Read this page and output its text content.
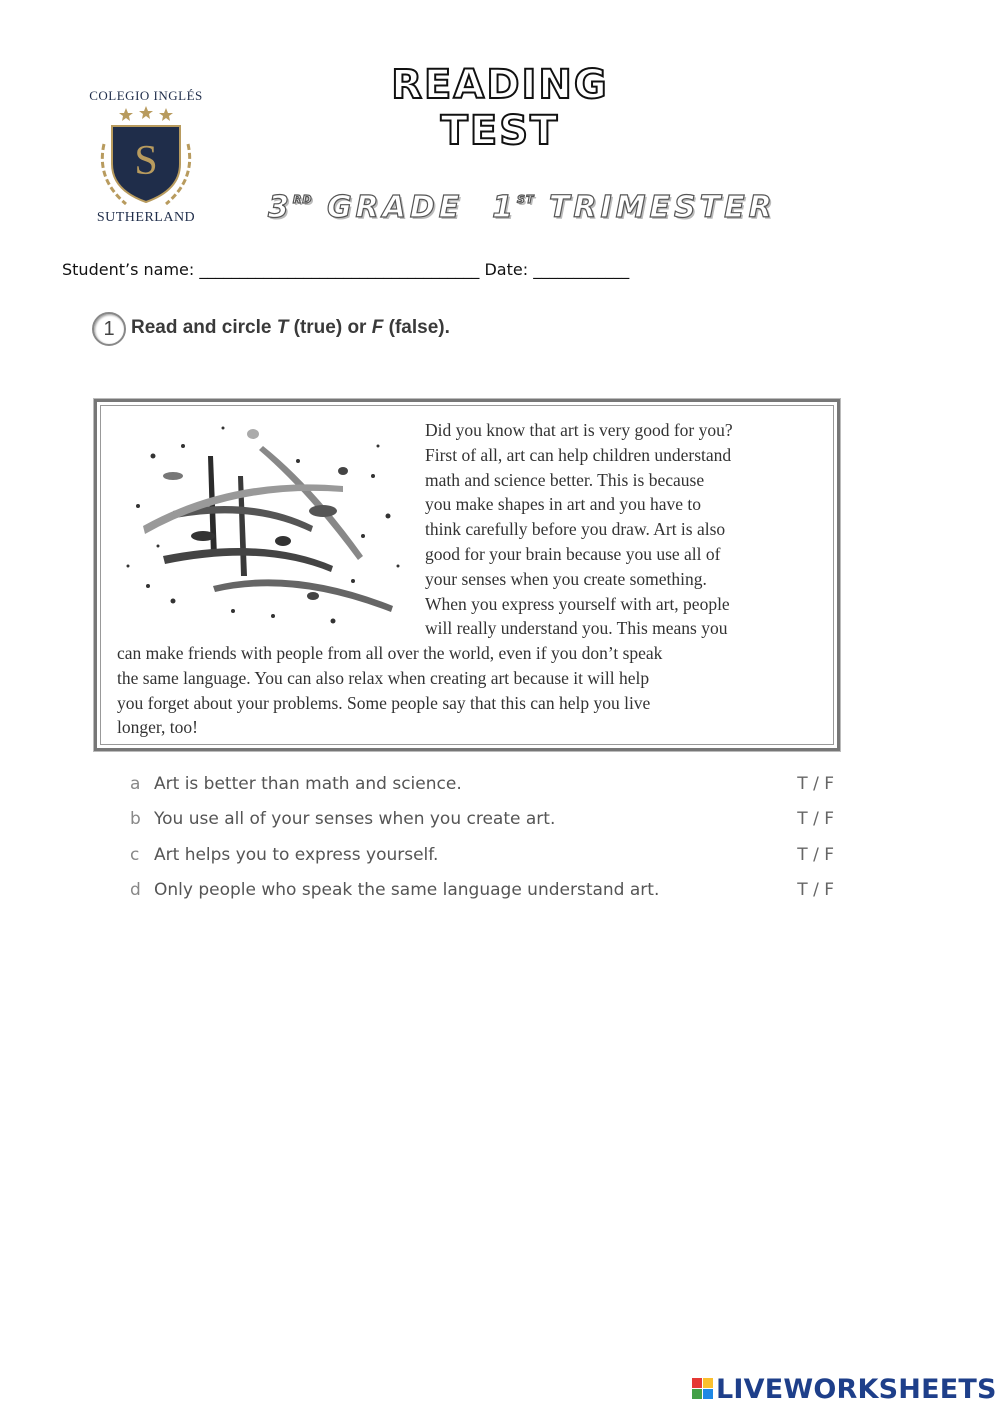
COLEGIO INGLÉS
S
SUTHERLAND
READING TEST
3RD GRADE 1ST TRIMESTER
Student’s name: ___________________________________ Date: ____________
1 Read and circle T (true) or F (false).
Did you know that art is very good for you?
First of all, art can help children understand
math and science better. This is because
you make shapes in art and you have to
think carefully before you draw. Art is also
good for your brain because you use all of
your senses when you create something.
When you express yourself with art, people
will really understand you. This means you
can make friends with people from all over the world, even if you don’t speak
the same language. You can also relax when creating art because it will help
you forget about your problems. Some people say that this can help you live
longer, too!
a Art is better than math and science.	T / F
b You use all of your senses when you create art.	T / F
c Art helps you to express yourself.	T / F
d Only people who speak the same language understand art.	T / F
LIVEWORKSHEETS
